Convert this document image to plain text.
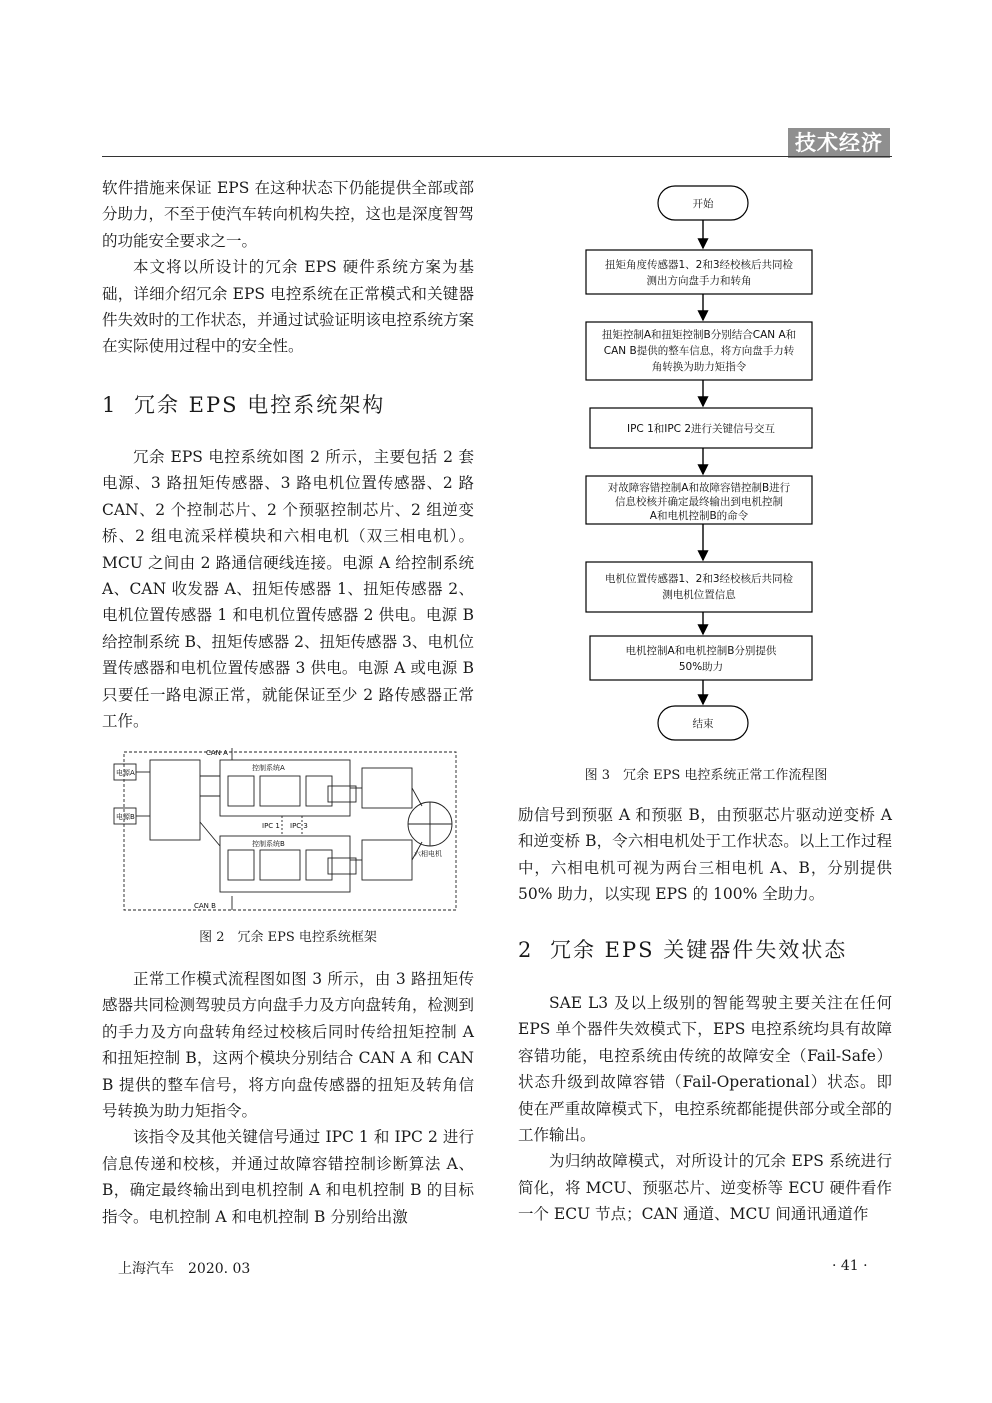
技术经济

软件措施来保证 EPS 在这种状态下仍能提供全部或部分助力，不至于使汽车转向机构失控，这也是深度智驾的功能安全要求之一。

本文将以所设计的冗余 EPS 硬件系统方案为基础，详细介绍冗余 EPS 电控系统在正常模式和关键器件失效时的工作状态，并通过试验证明该电控系统方案在实际使用过程中的安全性。

1 冗余 EPS 电控系统架构

冗余 EPS 电控系统如图 2 所示，主要包括 2 套电源、3 路扭矩传感器、3 路电机位置传感器、2 路 CAN、2 个控制芯片、2 个预驱控制芯片、2 组逆变桥、2 组电流采样模块和六相电机（双三相电机）。MCU 之间由 2 路通信硬线连接。电源 A 给控制系统 A、CAN 收发器 A、扭矩传感器 1、扭矩传感器 2、电机位置传感器 1 和电机位置传感器 2 供电。电源 B 给控制系统 B、扭矩传感器 2、扭矩传感器 3、电机位置传感器和电机位置传感器 3 供电。电源 A 或电源 B 只要任一路电源正常，就能保证至少 2 路传感器正常工作。

电源A
电源B
CAN A
CAN B
控制系统A
控制系统B
IPC 1 IPC 3
六相电机
图 2　冗余 EPS 电控系统框架

正常工作模式流程图如图 3 所示，由 3 路扭矩传感器共同检测驾驶员方向盘手力及方向盘转角，检测到的手力及方向盘转角经过校核后同时传给扭矩控制 A 和扭矩控制 B，这两个模块分别结合 CAN A 和 CAN B 提供的整车信号，将方向盘传感器的扭矩及转角信号转换为助力矩指令。

该指令及其他关键信号通过 IPC 1 和 IPC 2 进行信息传递和校核，并通过故障容错控制诊断算法 A、B，确定最终输出到电机控制 A 和电机控制 B 的目标指令。电机控制 A 和电机控制 B 分别给出激

开始
扭矩角度传感器1、2和3经校核后共同检
测出方向盘手力和转角
扭矩控制A和扭矩控制B分别结合CAN A和
CAN B提供的整车信息，将方向盘手力转
角转换为助力矩指令
IPC 1和IPC 2进行关键信号交互
对故障容错控制A和故障容错控制B进行
信息校核并确定最终输出到电机控制
A和电机控制B的命令
电机位置传感器1、2和3经校核后共同检
测电机位置信息
电机控制A和电机控制B分别提供
50%助力
结束
图 3　冗余 EPS 电控系统正常工作流程图

励信号到预驱 A 和预驱 B，由预驱芯片驱动逆变桥 A 和逆变桥 B，令六相电机处于工作状态。以上工作过程中，六相电机可视为两台三相电机 A、B，分别提供 50% 助力，以实现 EPS 的 100% 全助力。

2 冗余 EPS 关键器件失效状态

SAE L3 及以上级别的智能驾驶主要关注在任何 EPS 单个器件失效模式下，EPS 电控系统均具有故障容错功能，电控系统由传统的故障安全（Fail-Safe）状态升级到故障容错（Fail-Operational）状态。即使在严重故障模式下，电控系统都能提供部分或全部的工作输出。

为归纳故障模式，对所设计的冗余 EPS 系统进行简化，将 MCU、预驱芯片、逆变桥等 ECU 硬件看作一个 ECU 节点；CAN 通道、MCU 间通讯通道作

上海汽车　2020. 03	· 41 ·
